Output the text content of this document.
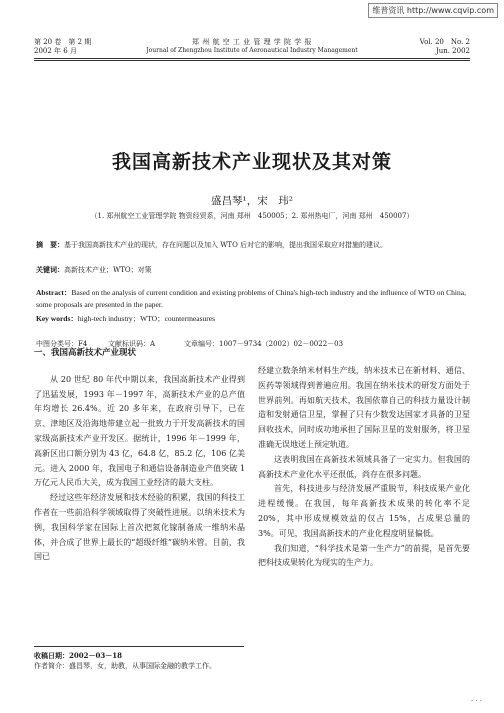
维普资讯 http://www.cqvip.com
第 20 卷　第 2 期
2002 年 6 月
郑 州 航 空 工 业 管 理 学 院 学 报
Journal of Zhengzhou Institute of Aeronautical Industry Management
Vol. 20　No. 2
Jun. 2002
我国高新技术产业现状及其对策
盛昌琴¹，宋　玮²
（1. 郑州航空工业管理学院 物资经贸系，河南 郑州　450005；2. 郑州热电厂，河南 郑州　450007）
摘　要：基于我国高新技术产业的现状，存在问题以及加入 WTO 后对它的影响，提出我国采取应对措施的建议。
关键词：高新技术产业；WTO；对策
Abstract：Based on the analysis of current condition and existing problems of China's high-tech industry and the influence of WTO on China, some proposals are presented in the paper.
Key words：high-tech industry；WTO；countermeasures
中图分类号：F4	文献标识码：A	文章编号：1007－9734（2002）02－0022－03
一、我国高新技术产业现状

从 20 世纪 80 年代中期以来，我国高新技术产业得到了迅猛发展，1993 年－1997 年，高新技术产业的总产值年均增长 26.4%。近 20 多年来，在政府引导下，已在京、津地区及沿海地带建立起一批致力于开发高新技术的国家级高新技术产业开发区。据统计，1996 年－1999 年，高新区出口额分别为 43 亿，64.8 亿，85.2 亿，106 亿美元。进入 2000 年，我国电子和通信设备制造业产值突破 1 万亿元人民币大关，成为我国工业经济的最大支柱。

经过这些年经济发展和技术经验的积累，我国的科技工作者在一些前沿科学领域取得了突破性进展。以纳米技术为例，我国科学家在国际上首次把氮化镓制备成一维纳米晶体，并合成了世界上最长的“超级纤维”碳纳米管。目前，我国已

经建立数条纳米材料生产线，纳米技术已在新材料、通信、医药等领域得到普遍应用。我国在纳米技术的研发方面处于世界前列。再如航天技术，我国依靠自己的科技力量设计制造和发射通信卫星，掌握了只有少数发达国家才具备的卫星回收技术，同时成功地承担了国际卫星的发射服务，将卫星准确无误地送上预定轨道。

这表明我国在高新技术领域具备了一定实力。但我国的高新技术产业化水平还很低，尚存在很多问题。

首先，科技进步与经济发展严重脱节，科技成果产业化进程缓慢。在我国，每年高新技术成果的转化率不足 20%，其中形成规模效益的仅占 15%，占成果总量的 3%。可见，我国高新技术的产业化程度明显偏低。

我们知道，“科学技术是第一生产力”的前提，是首先要把科技成果转化为现实的生产力。

收稿日期：2002－03－18
作者简介：盛昌琴，女，助教，从事国际金融的教学工作。
· · ·
